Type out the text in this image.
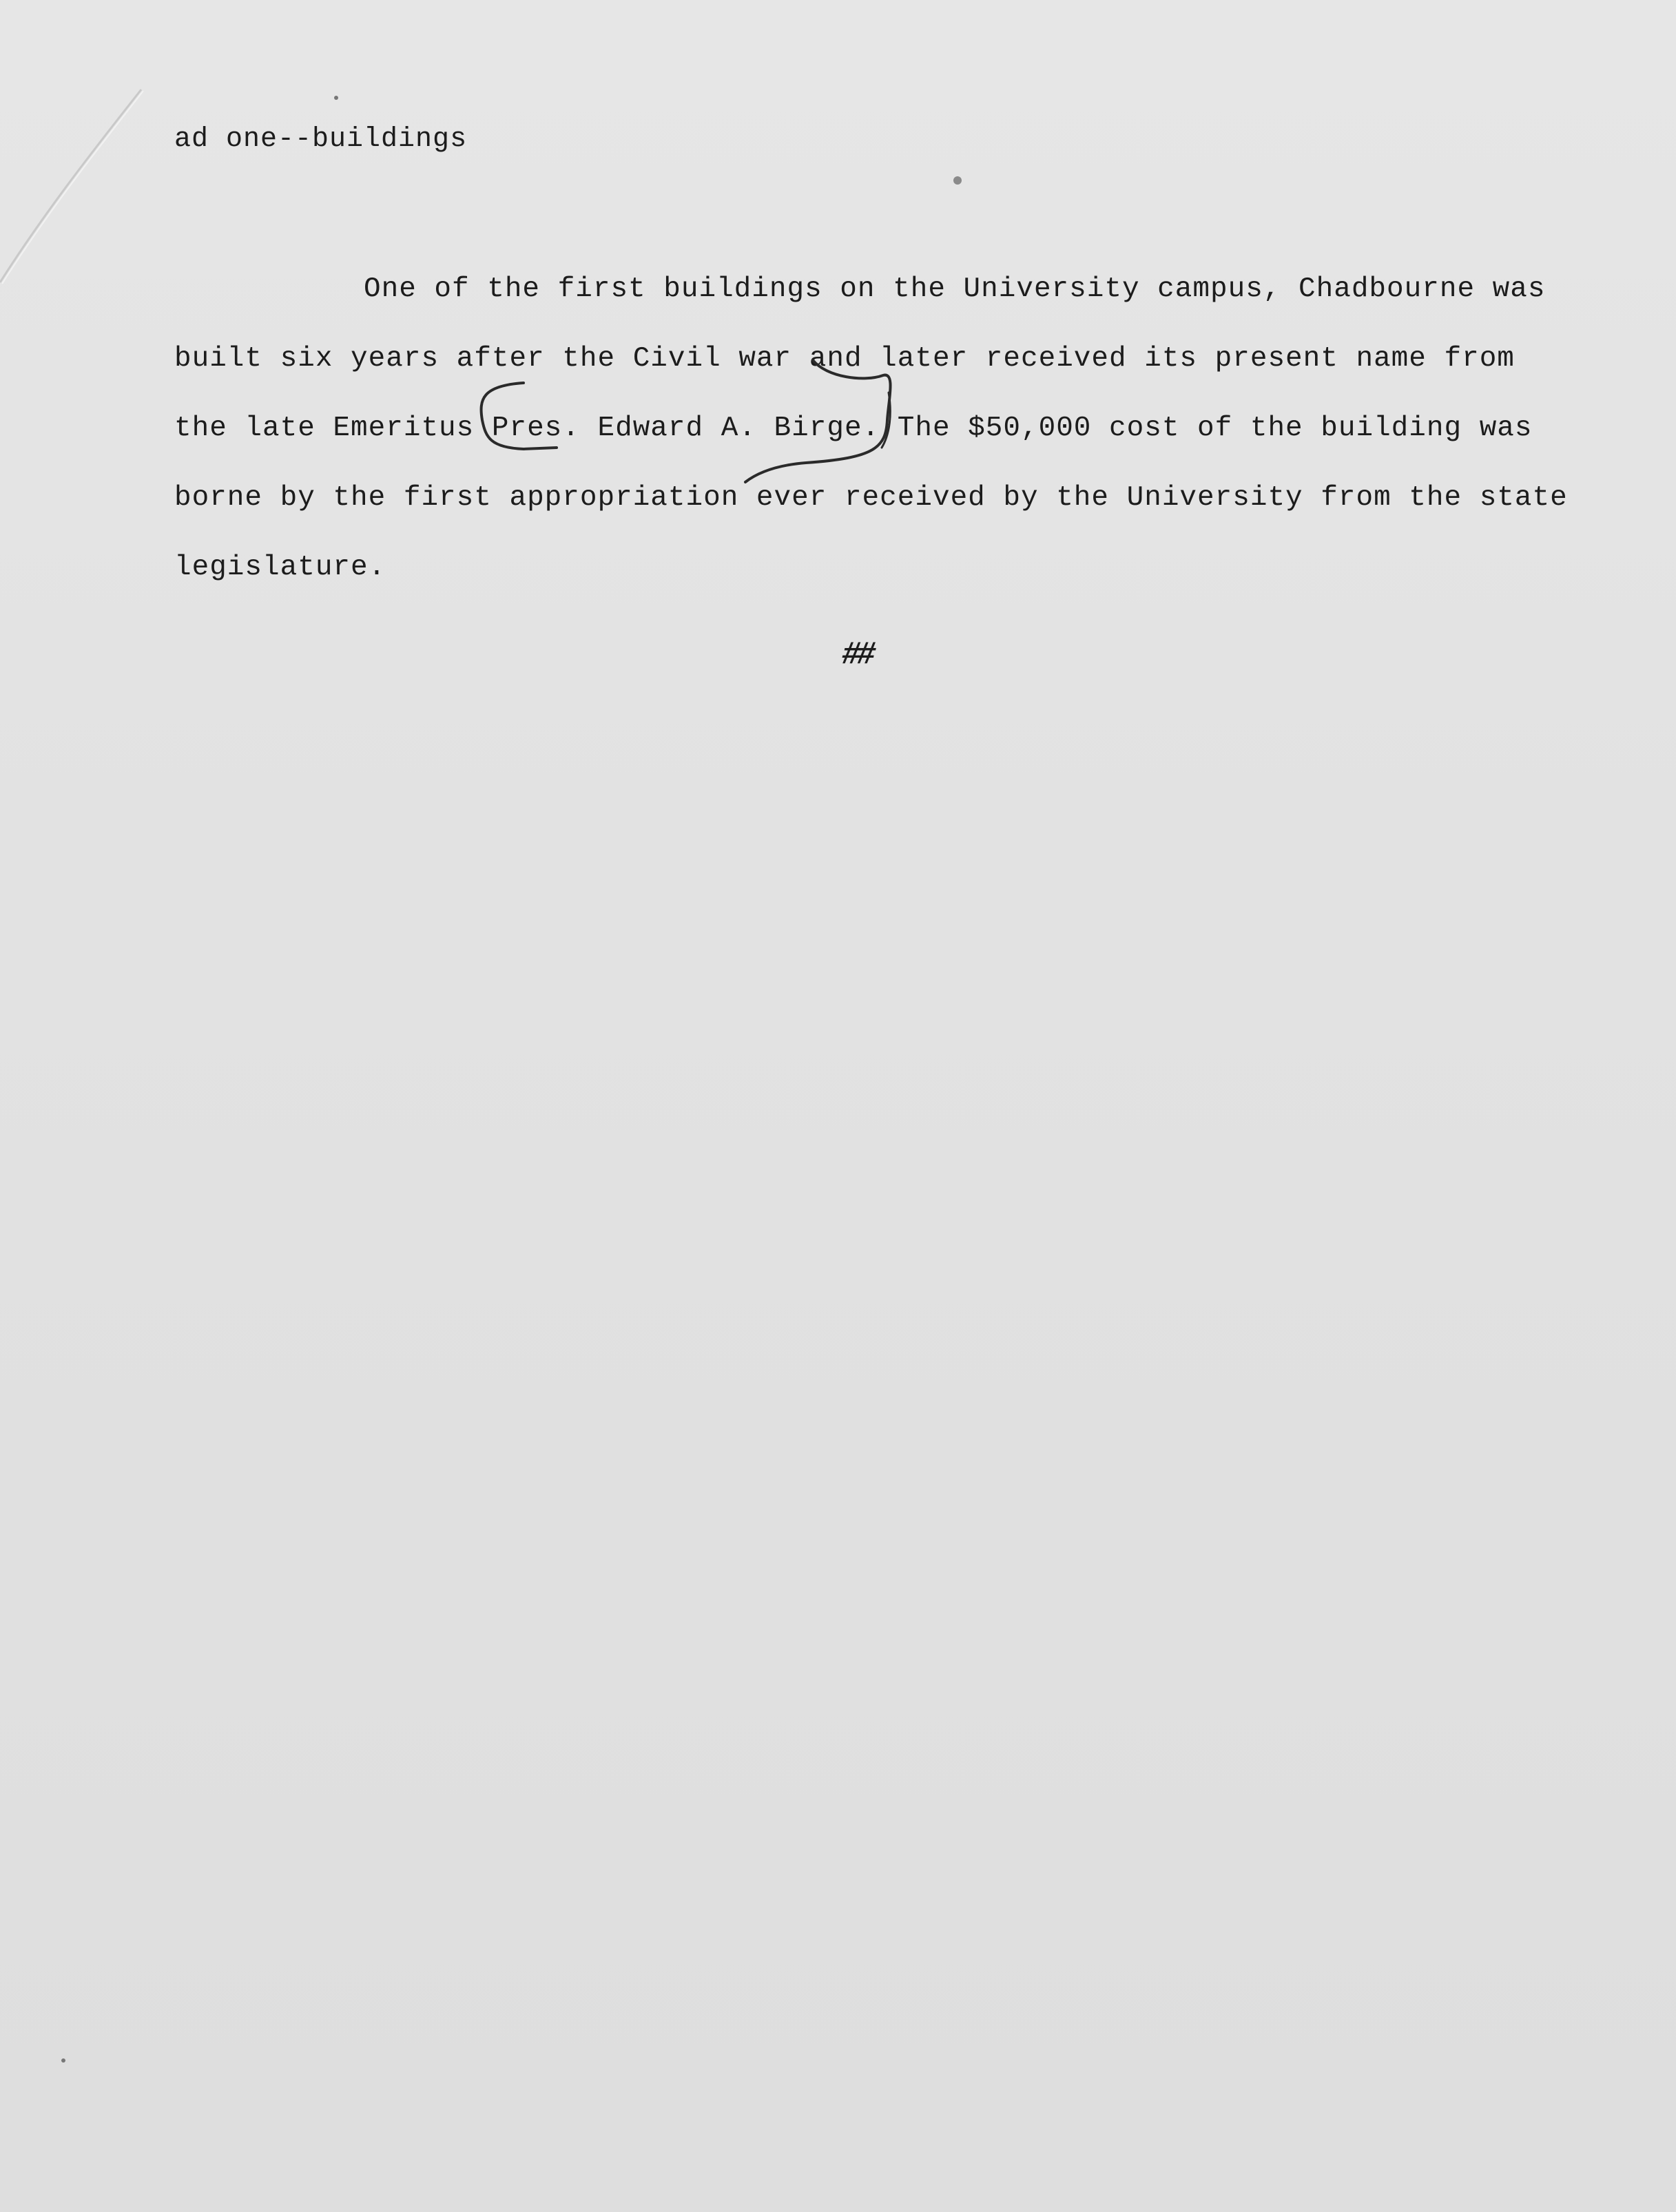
ad one--buildings
One of the first buildings on the University campus, Chadbourne was
built six years after the Civil war and later received its present name from
the late Emeritus Pres. Edward A. Birge. The $50,000 cost of the building was
borne by the first appropriation ever received by the University from the state
legislature.
##
